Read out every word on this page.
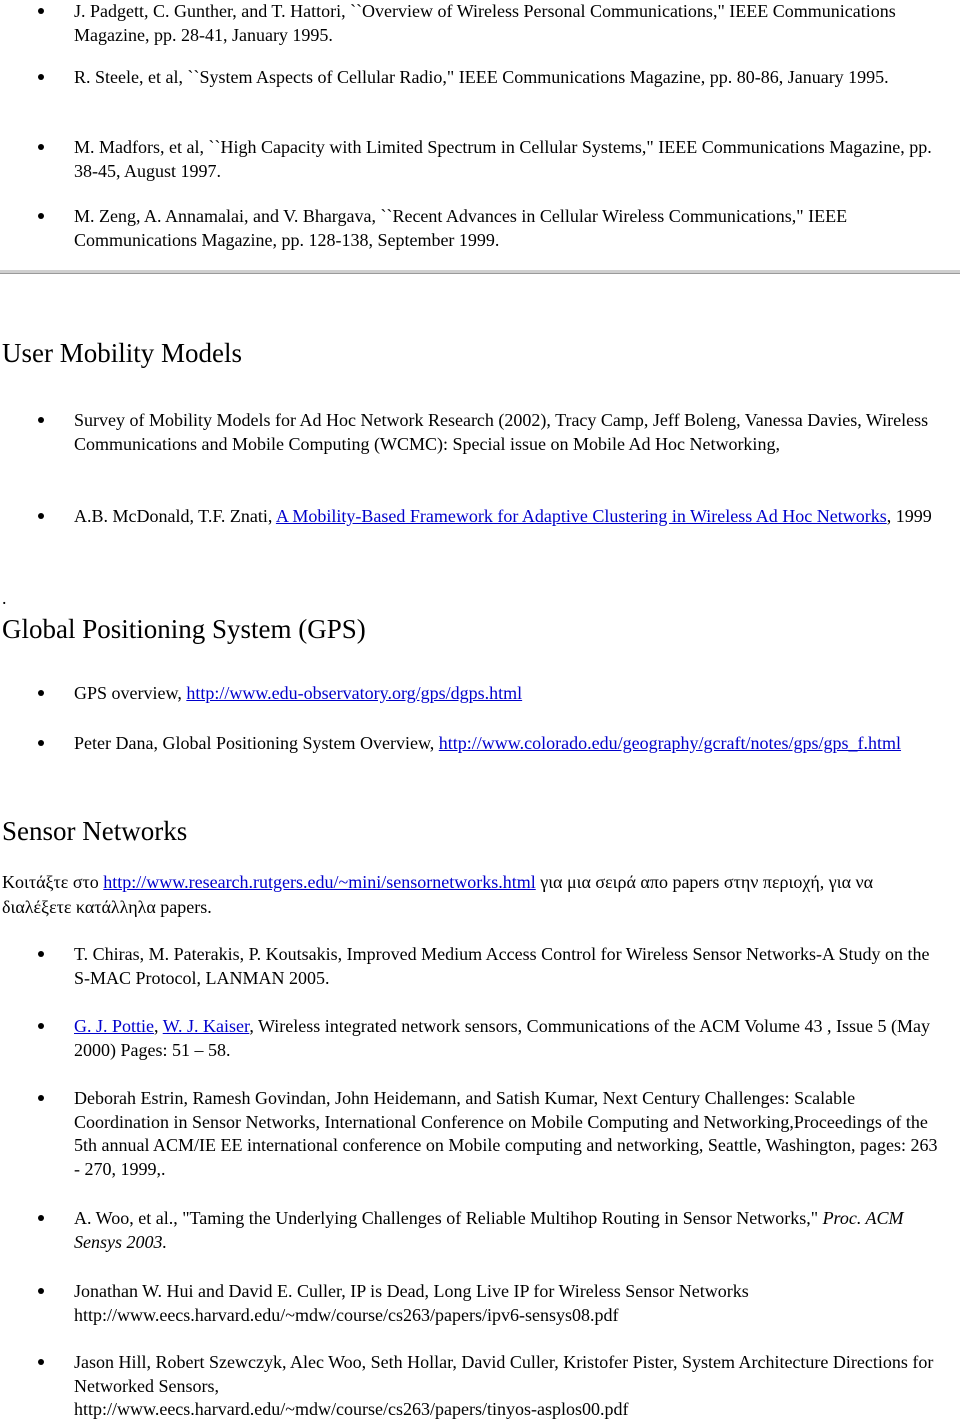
J. Padgett, C. Gunther, and T. Hattori, ``Overview of Wireless Personal Communications," IEEE Communications Magazine, pp. 28-41, January 1995.
R. Steele, et al, ``System Aspects of Cellular Radio," IEEE Communications Magazine, pp. 80-86, January 1995.
M. Madfors, et al, ``High Capacity with Limited Spectrum in Cellular Systems," IEEE Communications Magazine, pp. 38-45, August 1997.
M. Zeng, A. Annamalai, and V. Bhargava, ``Recent Advances in Cellular Wireless Communications," IEEE Communications Magazine, pp. 128-138, September 1999.
User Mobility Models
Survey of Mobility Models for Ad Hoc Network Research (2002), Tracy Camp, Jeff Boleng, Vanessa Davies, Wireless Communications and Mobile Computing (WCMC): Special issue on Mobile Ad Hoc Networking,
A.B. McDonald, T.F. Znati, A Mobility-Based Framework for Adaptive Clustering in Wireless Ad Hoc Networks, 1999
.
Global Positioning System (GPS)
GPS overview, http://www.edu-observatory.org/gps/dgps.html
Peter Dana, Global Positioning System Overview, http://www.colorado.edu/geography/gcraft/notes/gps/gps_f.html
Sensor Networks

Κοιτάξτε στο http://www.research.rutgers.edu/~mini/sensornetworks.html για μια σειρά απο papers στην περιοχή, για να διαλέξετε κατάλληλα papers.

T. Chiras, M. Paterakis, P. Koutsakis, Improved Medium Access Control for Wireless Sensor Networks-A Study on the S-MAC Protocol, LANMAN 2005.
G. J. Pottie, W. J. Kaiser, Wireless integrated network sensors, Communications of the ACM Volume 43 , Issue 5 (May 2000) Pages: 51 – 58.
Deborah Estrin, Ramesh Govindan, John Heidemann, and Satish Kumar, Next Century Challenges: Scalable Coordination in Sensor Networks, International Conference on Mobile Computing and Networking,Proceedings of the 5th annual ACM/IE EE international conference on Mobile computing and networking, Seattle, Washington, pages: 263 - 270, 1999,.
A. Woo, et al., "Taming the Underlying Challenges of Reliable Multihop Routing in Sensor Networks," Proc. ACM Sensys 2003.
Jonathan W. Hui and David E. Culler, IP is Dead, Long Live IP for Wireless Sensor Networks
http://www.eecs.harvard.edu/~mdw/course/cs263/papers/ipv6-sensys08.pdf
Jason Hill, Robert Szewczyk, Alec Woo, Seth Hollar, David Culler, Kristofer Pister, System Architecture Directions for Networked Sensors,
http://www.eecs.harvard.edu/~mdw/course/cs263/papers/tinyos-asplos00.pdf
